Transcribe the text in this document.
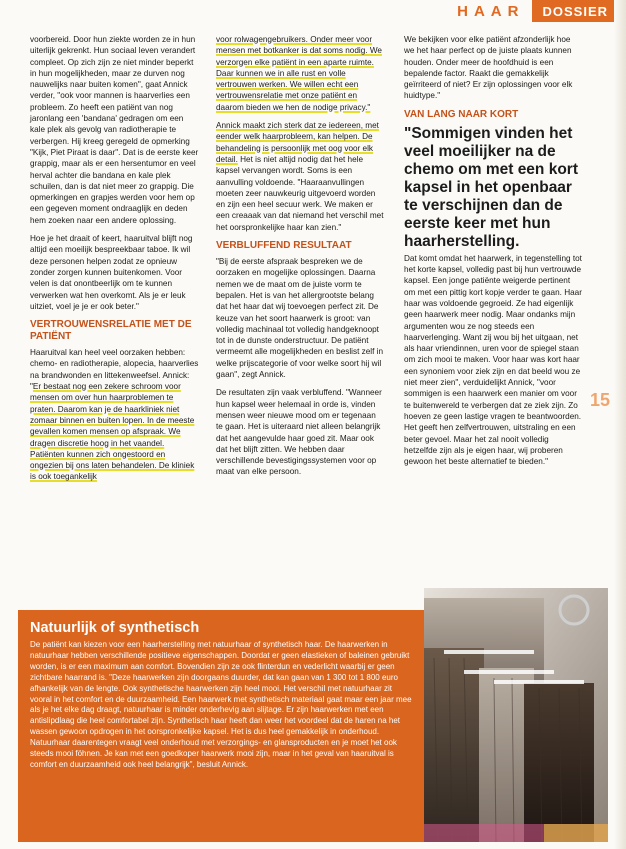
HAAR	DOSSIER

voorbereid. Door hun ziekte worden ze in hun uiterlijk gekrenkt. Hun sociaal leven verandert compleet. Op zich zijn ze niet minder beperkt in hun mogelijkheden, maar ze durven nog nauwelijks naar buiten komen", gaat Annick verder, "ook voor mannen is haarverlies een probleem. Zo heeft een patiënt van nog jaronlang een 'bandana' gedragen om een kale plek als gevolg van radiotherapie te verbergen. Hij kreeg geregeld de opmerking "Kijk, Piet Piraat is daar". Dat is de eerste keer grappig, maar als er een hersentumor en veel herval achter die bandana en kale plek schuilen, dan is dat niet meer zo grappig. Die opmerkingen en grapjes werden voor hem op een gegeven moment ondraaglijk en deden hem zoeken naar een andere oplossing.

Hoe je het draait of keert, haaruitval blijft nog altijd een moeilijk bespreekbaar taboe. Ik wil deze personen helpen zodat ze opnieuw zonder zorgen kunnen buitenkomen. Voor velen is dat onontbeerlijk om te kunnen verwerken wat hen overkomt. Als je er leuk uitziet, voel je je er ook beter."

VERTROUWENSRELATIE MET DE PATIËNT

Haaruitval kan heel veel oorzaken hebben: chemo- en radiotherapie, alopecia, haarverlies na brandwonden en littekenweefsel. Annick: "Er bestaat nog een zekere schroom voor mensen om over hun haarproblemen te praten. Daarom kan je de haarkliniek niet zomaar binnen en buiten lopen. In de meeste gevallen komen mensen op afspraak. We dragen discretie hoog in het vaandel. Patiënten kunnen zich ongestoord en ongezien bij ons laten behandelen. De kliniek is ook toegankelijk

voor rolwagengebruikers. Onder meer voor mensen met botkanker is dat soms nodig. We verzorgen elke patiënt in een aparte ruimte. Daar kunnen we in alle rust en volle vertrouwen werken. We willen echt een vertrouwensrelatie met onze patiënt en daarom bieden we hen de nodige privacy."

Annick maakt zich sterk dat ze iedereen, met eender welk haarprobleem, kan helpen. De behandeling is persoonlijk met oog voor elk detail. Het is niet altijd nodig dat het hele kapsel vervangen wordt. Soms is een aanvulling voldoende. "Haaraanvullingen moeten zeer nauwkeurig uitgevoerd worden en zijn een heel secuur werk. We maken er een creaaak van dat niemand het verschil met het oorspronkelijke haar kan zien."

VERBLUFFEND RESULTAAT

"Bij de eerste afspraak bespreken we de oorzaken en mogelijke oplossingen. Daarna nemen we de maat om de juiste vorm te bepalen. Het is van het allergrootste belang dat het haar dat wij toevoegen perfect zit. De keuze van het soort haarwerk is groot: van volledig machinaal tot volledig handgeknoopt tot in de dunste onderstructuur. De patiënt vermeemt alle mogelijkheden en beslist zelf in welke prijscategorie of voor welke soort hij wil gaan", zegt Annick.

De resultaten zijn vaak verbluffend. "Wanneer hun kapsel weer helemaal in orde is, vinden mensen weer nieuwe mood om er tegenaan te gaan. Het is uiteraard niet alleen belangrijk dat het aangevulde haar goed zit. Maar ook dat het blijft zitten. We hebben daar verschillende bevestigingssystemen voor op maat van elke persoon.

We bekijken voor elke patiënt afzonderlijk hoe we het haar perfect op de juiste plaats kunnen houden. Onder meer de hoofdhuid is een bepalende factor. Raakt die gemakkelijk geïrriteerd of niet? Er zijn oplossingen voor elk huidtype."

VAN LANG NAAR KORT

"Sommigen vinden het veel moeilijker na de chemo om met een kort kapsel in het openbaar te verschijnen dan de eerste keer met hun haarherstelling.
Dat komt omdat het haarwerk, in tegenstelling tot het korte kapsel, volledig past bij hun vertrouwde kapsel. Een jonge patiënte weigerde pertinent om met een pittig kort kopje verder te gaan. Haar haar was voldoende gegroeid. Ze had eigenlijk geen haarwerk meer nodig. Maar ondanks mijn argumenten wou ze nog steeds een haarverlenging. Want zij wou bij het uitgaan, net als haar vriendinnen, uren voor de spiegel staan om zich mooi te maken. Voor haar was kort haar een synoniem voor ziek zijn en dat beeld wou ze niet meer zien", verduidelijkt Annick, "voor sommigen is een haarwerk een manier om voor te buitenwereld te verbergen dat ze ziek zijn. Zo hoeven ze geen lastige vragen te beantwoorden. Het geeft hen zelfvertrouwen, uitstraling en een beter gevoel. Maar het zal nooit volledig hetzelfde zijn als je eigen haar, wij proberen gewoon het beste alternatief te bieden."

15
Natuurlijk of synthetisch

De patiënt kan kiezen voor een haarherstelling met natuurhaar of synthetisch haar. De haarwerken in natuurhaar hebben verschillende positieve eigenschappen. Doordat er geen elastieken of baleinen gebruikt worden, is er een maximum aan comfort. Bovendien zijn ze ook flinterdun en vederlicht waarbij er geen zichtbare haarrand is. "Deze haarwerken zijn doorgaans duurder, dat kan gaan van 1 300 tot 1 800 euro afhankelijk van de lengte. Ook synthetische haarwerken zijn heel mooi. Het verschil met natuurhaar zit vooral in het comfort en de duurzaamheid. Een haarwerk met synthetisch materiaal gaat maar een jaar mee als je het elke dag draagt, natuurhaar is minder onderhevig aan slijtage. Er zijn haarwerken met een antislipdlaag die heel comfortabel zijn. Synthetisch haar heeft dan weer het voordeel dat de haren na het wassen gewoon opdrogen in het oorspronkelijke kapsel. Het is dus heel gemakkelijk in onderhoud. Natuurhaar daarentegen vraagt veel onderhoud met verzorgings- en glansproducten en je moet het ook steeds mooi föhnen. Je kan met een goedkoper haarwerk mooi zijn, maar in het geval van haaruitval is comfort en duurzaamheid ook heel belangrijk", besluit Annick.
